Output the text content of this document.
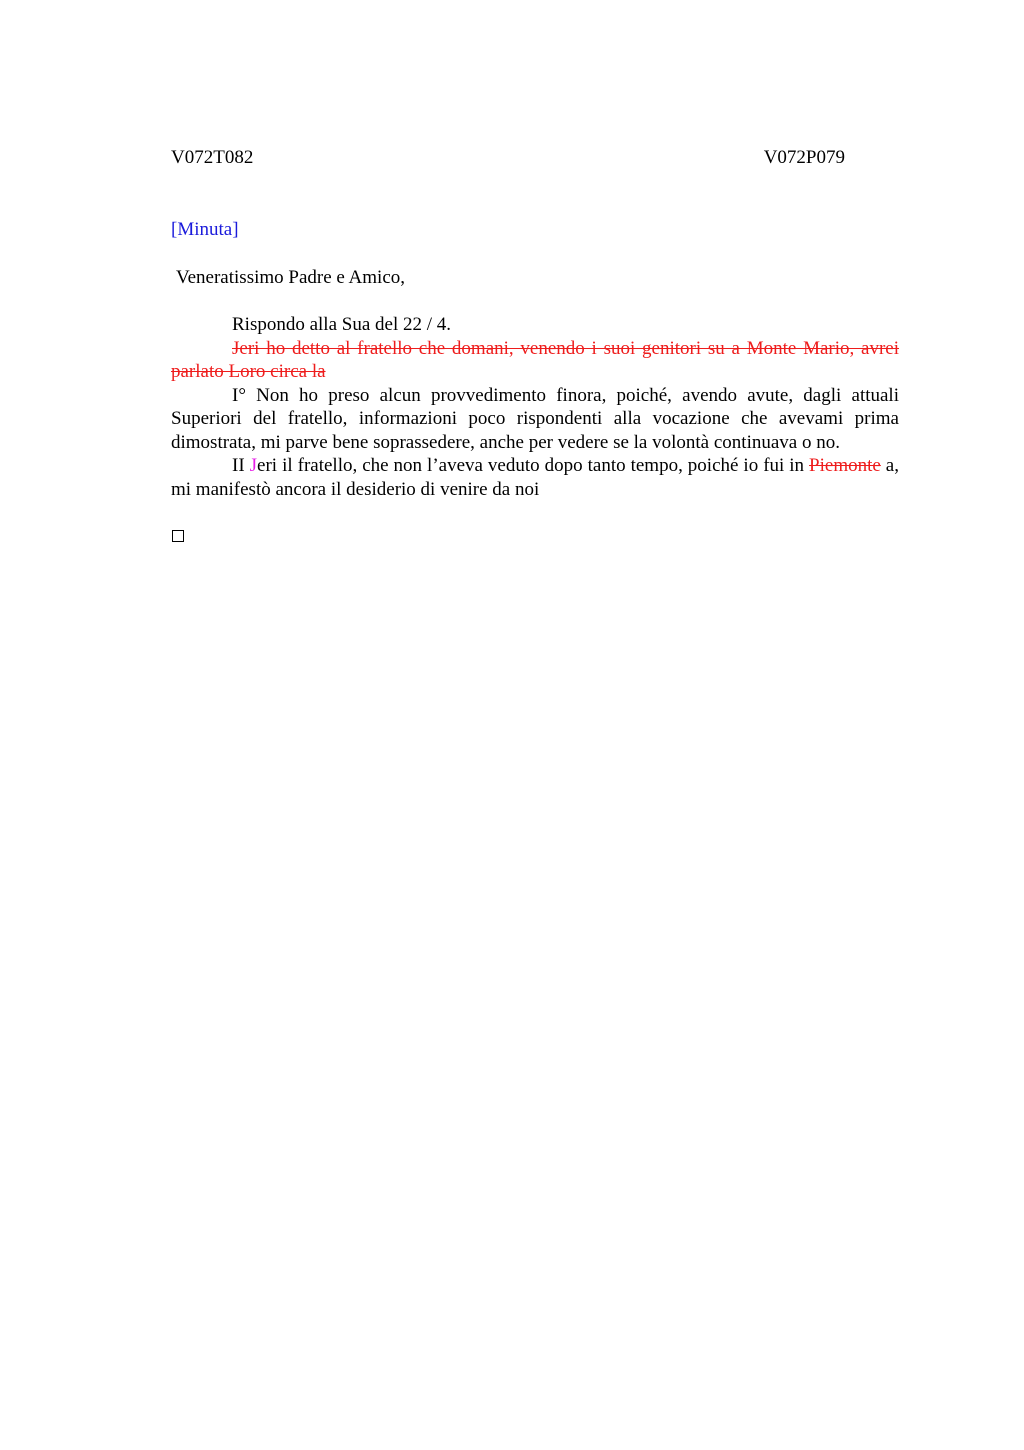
V072T082	V072P079
[Minuta]
Veneratissimo Padre e Amico,

Rispondo alla Sua del 22 / 4.

Jeri ho detto al fratello che domani, venendo i suoi genitori su a Monte Mario, avrei parlato Loro circa la

I° Non ho preso alcun provvedimento finora, poiché, avendo avute, dagli attuali Superiori del fratello, informazioni poco rispondenti alla vocazione che avevami prima dimostrata, mi parve bene soprassedere, anche per vedere se la volontà continuava o no.

II Jeri il fratello, che non l’aveva veduto dopo tanto tempo, poiché io fui in Piemonte a, mi manifestò ancora il desiderio di venire da noi
